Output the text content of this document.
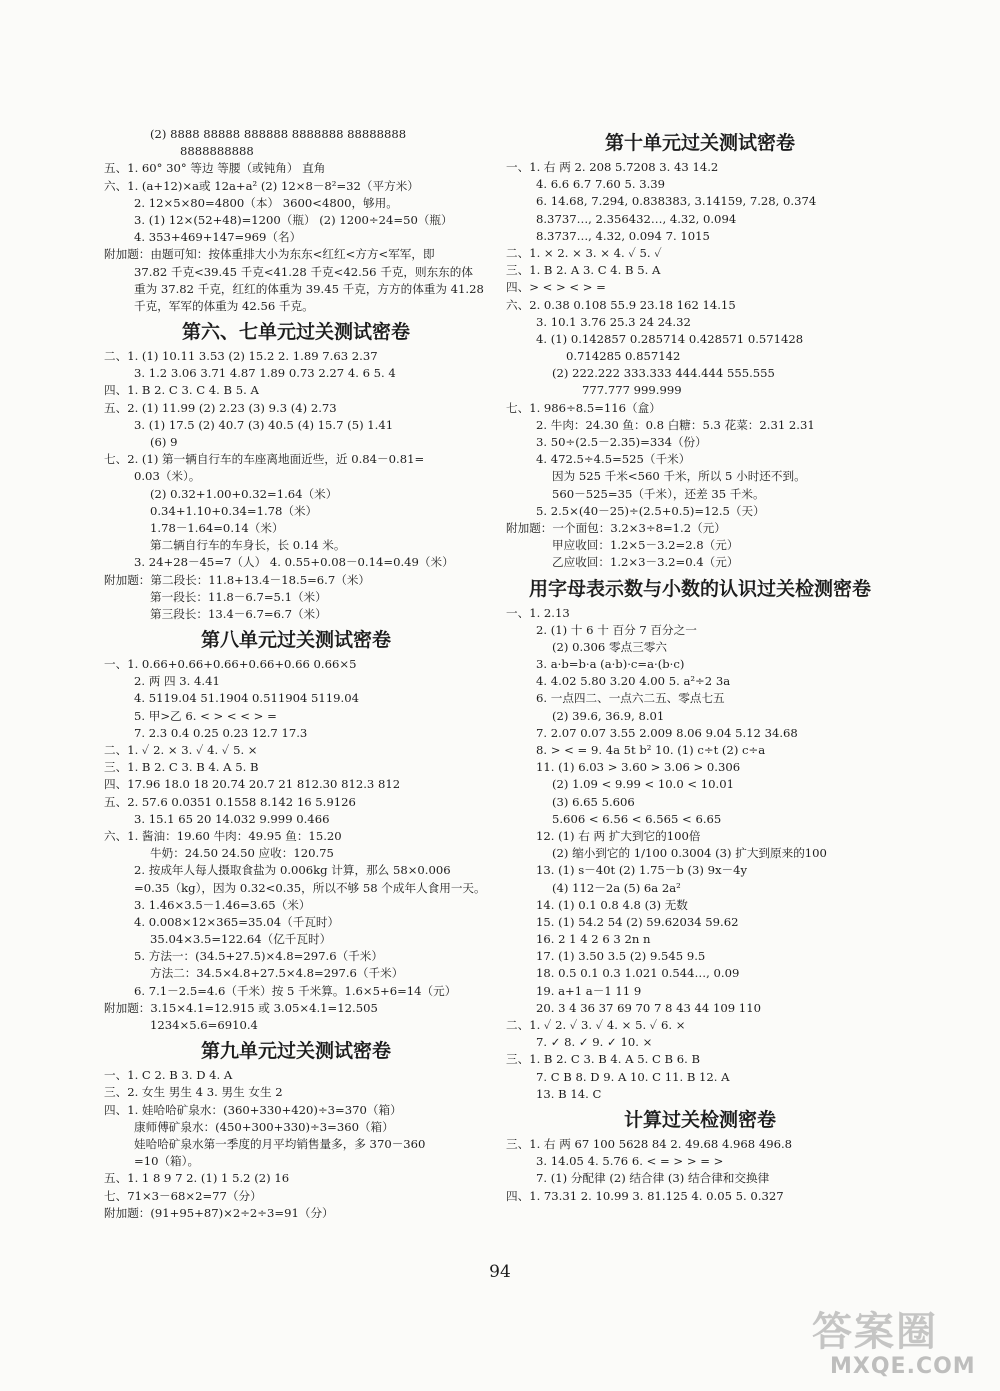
(2) 8888 88888 888888 8888888 88888888
8888888888
五、1. 60° 30° 等边 等腰（或钝角） 直角
六、1. (a+12)×a或 12a+a² (2) 12×8－8²=32（平方米）
2. 12×5×80=4800（本） 3600<4800，够用。
3. (1) 12×(52+48)=1200（瓶） (2) 1200÷24=50（瓶）
4. 353+469+147=969（名）
附加题：由题可知：按体重排大小为东东<红红<方方<军军，即
37.82 千克<39.45 千克<41.28 千克<42.56 千克，则东东的体
重为 37.82 千克，红红的体重为 39.45 千克，方方的体重为 41.28
千克，军军的体重为 42.56 千克。
第六、七单元过关测试密卷
二、1. (1) 10.11 3.53 (2) 15.2 2. 1.89 7.63 2.37
3. 1.2 3.06 3.71 4.87 1.89 0.73 2.27 4. 6 5. 4
四、1. B 2. C 3. C 4. B 5. A
五、2. (1) 11.99 (2) 2.23 (3) 9.3 (4) 2.73
3. (1) 17.5 (2) 40.7 (3) 40.5 (4) 15.7 (5) 1.41
(6) 9
七、2. (1) 第一辆自行车的车座离地面近些，近 0.84－0.81=
0.03（米）。
(2) 0.32+1.00+0.32=1.64（米）
0.34+1.10+0.34=1.78（米）
1.78－1.64=0.14（米）
第二辆自行车的车身长，长 0.14 米。
3. 24+28－45=7（人） 4. 0.55+0.08－0.14=0.49（米）
附加题：第二段长：11.8+13.4－18.5=6.7（米）
第一段长：11.8－6.7=5.1（米）
第三段长：13.4－6.7=6.7（米）
第八单元过关测试密卷
一、1. 0.66+0.66+0.66+0.66+0.66 0.66×5
2. 两 四 3. 4.41
4. 5119.04 51.1904 0.511904 5119.04
5. 甲>乙 6. < > < < > =
7. 2.3 0.4 0.25 0.23 12.7 17.3
二、1. ✓ 2. × 3. ✓ 4. ✓ 5. ×
三、1. B 2. C 3. B 4. A 5. B
四、17.96 18.0 18 20.74 20.7 21 812.30 812.3 812
五、2. 57.6 0.0351 0.1558 8.142 16 5.9126
3. 15.1 65 20 14.032 9.999 0.466
六、1. 酱油：19.60 牛肉：49.95 鱼：15.20
牛奶：24.50 24.50 应收：120.75
2. 按成年人每人摄取食盐为 0.006kg 计算，那么 58×0.006
=0.35（kg），因为 0.32<0.35，所以不够 58 个成年人食用一天。
3. 1.46×3.5－1.46=3.65（米）
4. 0.008×12×365=35.04（千瓦时）
35.04×3.5=122.64（亿千瓦时）
5. 方法一：(34.5+27.5)×4.8=297.6（千米）
方法二：34.5×4.8+27.5×4.8=297.6（千米）
6. 7.1－2.5=4.6（千米）按 5 千米算。1.6×5+6=14（元）
附加题：3.15×4.1=12.915 或 3.05×4.1=12.505
1234×5.6=6910.4
第九单元过关测试密卷
一、1. C 2. B 3. D 4. A
三、2. 女生 男生 4 3. 男生 女生 2
四、1. 娃哈哈矿泉水：(360+330+420)÷3=370（箱）
康师傅矿泉水：(450+300+330)÷3=360（箱）
娃哈哈矿泉水第一季度的月平均销售量多，多 370－360
=10（箱）。
五、1. 1 8 9 7 2. (1) 1 5.2 (2) 16
七、71×3－68×2=77（分）
附加题：(91+95+87)×2÷2÷3=91（分）
第十单元过关测试密卷
一、1. 右 两 2. 208 5.7208 3. 43 14.2
4. 6.6 6.7 7.60 5. 3.39
6. 14.68, 7.294, 0.838383, 3.14159, 7.28, 0.374
8.3737…, 2.356432…, 4.32, 0.094
8.3737…, 4.32, 0.094 7. 1015
二、1. × 2. × 3. × 4. ✓ 5. ✓
三、1. B 2. A 3. C 4. B 5. A
四、> < > < > =
六、2. 0.38 0.108 55.9 23.18 162 14.15
3. 10.1 3.76 25.3 24 24.32
4. (1) 0.142857 0.285714 0.428571 0.571428
0.714285 0.857142
(2) 222.222 333.333 444.444 555.555
777.777 999.999
七、1. 986÷8.5=116（盒）
2. 牛肉：24.30 鱼：0.8 白糖：5.3 花菜：2.31 2.31
3. 50÷(2.5－2.35)=334（份）
4. 472.5÷4.5=525（千米）
因为 525 千米<560 千米，所以 5 小时还不到。
560－525=35（千米），还差 35 千米。
5. 2.5×(40－25)÷(2.5+0.5)=12.5（天）
附加题：一个面包：3.2×3÷8=1.2（元）
甲应收回：1.2×5－3.2=2.8（元）
乙应收回：1.2×3－3.2=0.4（元）
用字母表示数与小数的认识过关检测密卷
一、1. 2.13
2. (1) 十 6 十 百分 7 百分之一
(2) 0.306 零点三零六
3. a·b=b·a (a·b)·c=a·(b·c)
4. 4.02 5.80 3.20 4.00 5. a²÷2 3a
6. 一点四二、一点六二五、零点七五
(2) 39.6, 36.9, 8.01
7. 2.07 0.07 3.55 2.009 8.06 9.04 5.12 34.68
8. > < = 9. 4a 5t b² 10. (1) c÷t (2) c÷a
11. (1) 6.03 > 3.60 > 3.06 > 0.306
(2) 1.09 < 9.99 < 10.0 < 10.01
(3) 6.65 5.606
5.606 < 6.56 < 6.565 < 6.65
12. (1) 右 两 扩大到它的100倍
(2) 缩小到它的 1/100 0.3004 (3) 扩大到原来的100
13. (1) s－40t (2) 1.75－b (3) 9x－4y
(4) 112－2a (5) 6a 2a²
14. (1) 0.1 0.8 4.8 (3) 无数
15. (1) 54.2 54 (2) 59.62034 59.62
16. 2 1 4 2 6 3 2n n
17. (1) 3.50 3.5 (2) 9.545 9.5
18. 0.5 0.1 0.3 1.021 0.544…, 0.09
19. a+1 a－1 11 9
20. 3 4 36 37 69 70 7 8 43 44 109 110
二、1. ✓ 2. ✓ 3. ✓ 4. × 5. ✓ 6. ×
7. ✓ 8. ✓ 9. ✓ 10. ×
三、1. B 2. C 3. B 4. A 5. C B 6. B
7. C B 8. D 9. A 10. C 11. B 12. A
13. B 14. C
计算过关检测密卷
三、1. 右 两 67 100 5628 84 2. 49.68 4.968 496.8
3. 14.05 4. 5.76 6. < = > > = >
7. (1) 分配律 (2) 结合律 (3) 结合律和交换律
四、1. 73.31 2. 10.99 3. 81.125 4. 0.05 5. 0.327
94
答案圈
MXQE.COM
